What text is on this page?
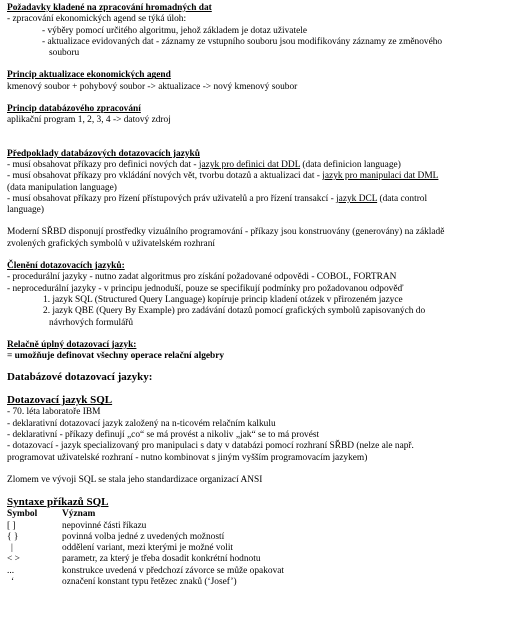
Požadavky kladené na zpracování hromadných dat
- zpracování ekonomických agend se týká úloh:
- výběry pomocí určitého algoritmu, jehož základem je dotaz uživatele
- aktualizace evidovaných dat - záznamy ze vstupního souboru jsou modifikovány záznamy ze změnového
souboru
Princip aktualizace ekonomických agend
kmenový soubor + pohybový soubor -> aktualizace -> nový kmenový soubor
Princip databázového zpracování
aplikační program 1, 2, 3, 4 -> datový zdroj
Předpoklady databázových dotazovacích jazyků
- musí obsahovat příkazy pro definici nových dat - jazyk pro definici dat DDL (data definicion language)
- musí obsahovat příkazy pro vkládání nových vět, tvorbu dotazů a aktualizaci dat - jazyk pro manipulaci dat DML
(data manipulation language)
- musí obsahovat příkazy pro řízení přístupových práv uživatelů a pro řízení transakcí - jazyk DCL (data control
language)
Moderní SŘBD disponují prostředky vizuálního programování - příkazy jsou konstruovány (generovány) na základě
zvolených grafických symbolů v uživatelském rozhraní
Členění dotazovacích jazyků:
- procedurální jazyky - nutno zadat algoritmus pro získání požadované odpovědi - COBOL, FORTRAN
- neprocedurální jazyky - v principu jednoduší, pouze se specifikují podmínky pro požadovanou odpověď
1. jazyk SQL (Structured Query Language) kopíruje princip kladení otázek v přirozeném jazyce
2. jazyk QBE (Query By Example) pro zadávání dotazů pomocí grafických symbolů zapisovaných do
návrhových formulářů
Relačně úplný dotazovací jazyk:
= umožňuje definovat všechny operace relační algebry
Databázové dotazovací jazyky:
Dotazovací jazyk SQL
- 70. léta laboratoře IBM
- deklarativní dotazovací jazyk založený na n-ticovém relačním kalkulu
- deklarativní - příkazy definují „co“ se má provést a nikoliv „jak“ se to má provést
- dotazovací - jazyk specializovaný pro manipulaci s daty v databázi pomocí rozhraní SŘBD (nelze ale např.
programovat uživatelské rozhraní - nutno kombinovat s jiným vyšším programovacím jazykem)
Zlomem ve vývoji SQL se stala jeho standardizace organizací ANSI
Syntaxe příkazů SQL
Symbol	Význam
[ ]	nepovinné části říkazu
{ }	povinná volba jedné z uvedených možností
|	oddělení variant, mezi kterými je možné volit
< >	parametr, za který je třeba dosadit konkrétní hodnotu
...	konstrukce uvedená v předchozí závorce se může opakovat
‘	označení konstant typu řetězec znaků (‘Josef’)
